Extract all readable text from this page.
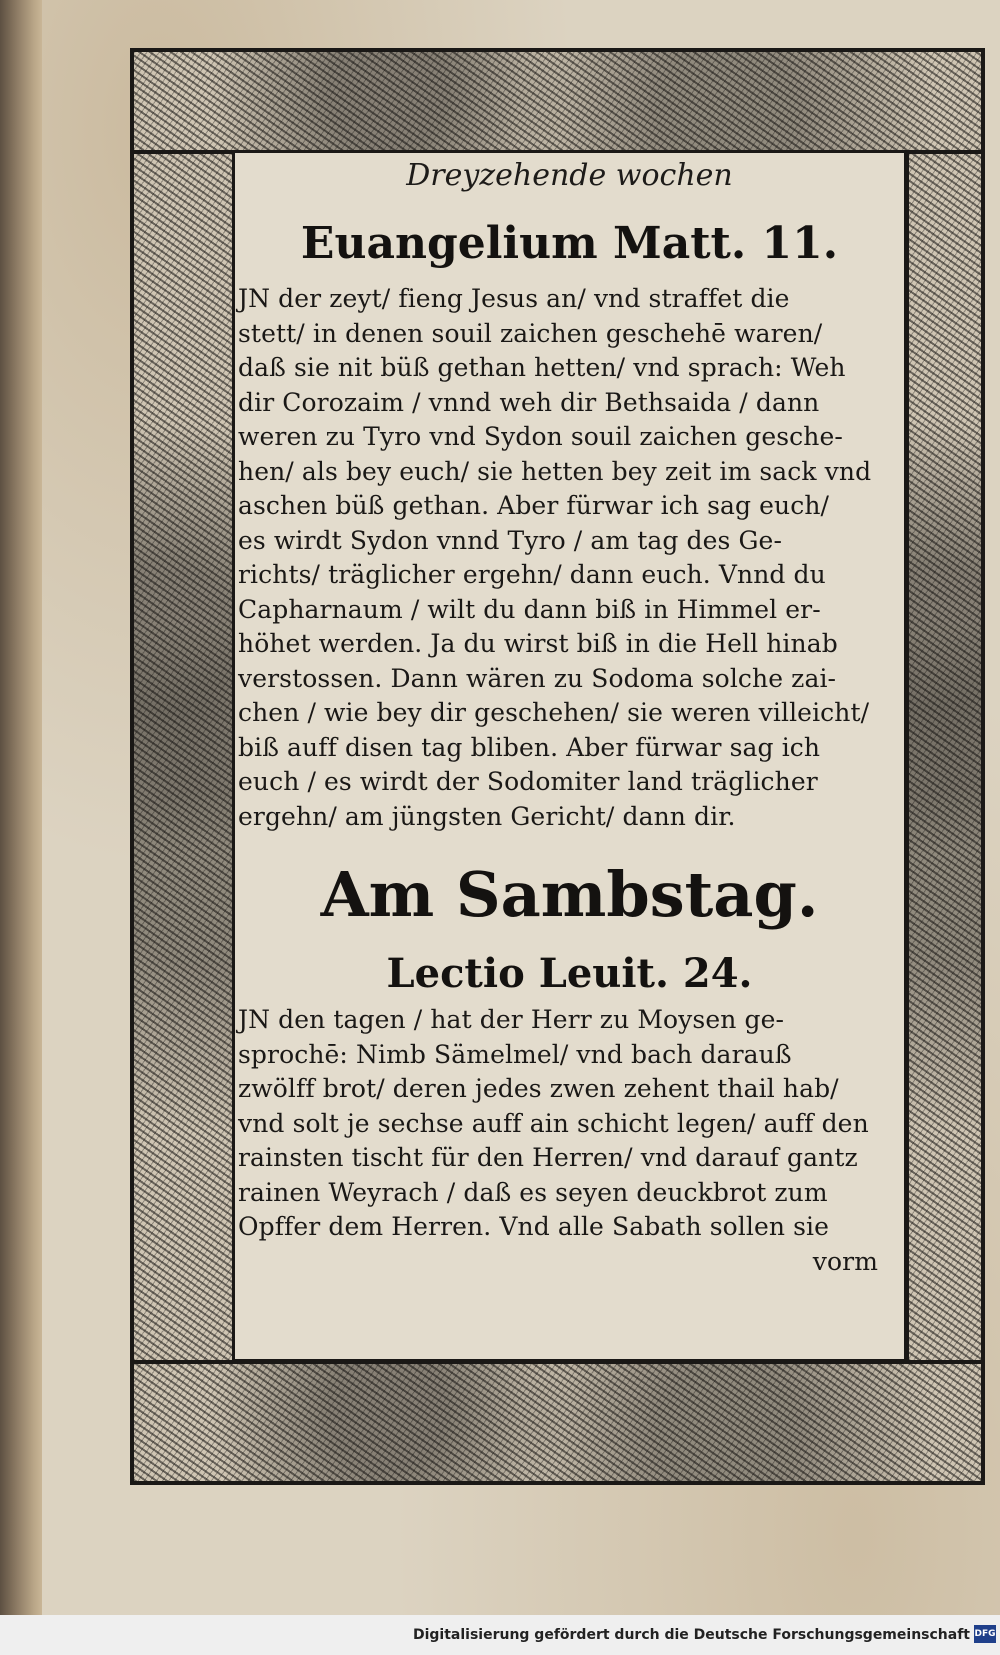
Dreyzehende wochen
Euangelium Matt. 11.
JN der zeyt/ fieng Jesus an/ vnd straffet die
stett/ in denen souil zaichen geschehē waren/
daß sie nit büß gethan hetten/ vnd sprach: Weh
dir Corozaim / vnnd weh dir Bethsaida / dann
weren zu Tyro vnd Sydon souil zaichen gesche-
hen/ als bey euch/ sie hetten bey zeit im sack vnd
aschen büß gethan. Aber fürwar ich sag euch/
es wirdt Sydon vnnd Tyro / am tag des Ge-
richts/ träglicher ergehn/ dann euch. Vnnd du
Capharnaum / wilt du dann biß in Himmel er-
höhet werden. Ja du wirst biß in die Hell hinab
verstossen. Dann wären zu Sodoma solche zai-
chen / wie bey dir geschehen/ sie weren villeicht/
biß auff disen tag bliben. Aber fürwar sag ich
euch / es wirdt der Sodomiter land träglicher
ergehn/ am jüngsten Gericht/ dann dir.
Am Sambstag.
Lectio Leuit. 24.
JN den tagen / hat der Herr zu Moysen ge-
sprochē: Nimb Sämelmel/ vnd bach darauß
zwölff brot/ deren jedes zwen zehent thail hab/
vnd solt je sechse auff ain schicht legen/ auff den
rainsten tischt für den Herren/ vnd darauf gantz
rainen Weyrach / daß es seyen deuckbrot zum
Opffer dem Herren. Vnd alle Sabath sollen sie
vorm
Digitalisierung gefördert durch die Deutsche Forschungsgemeinschaft DFG
